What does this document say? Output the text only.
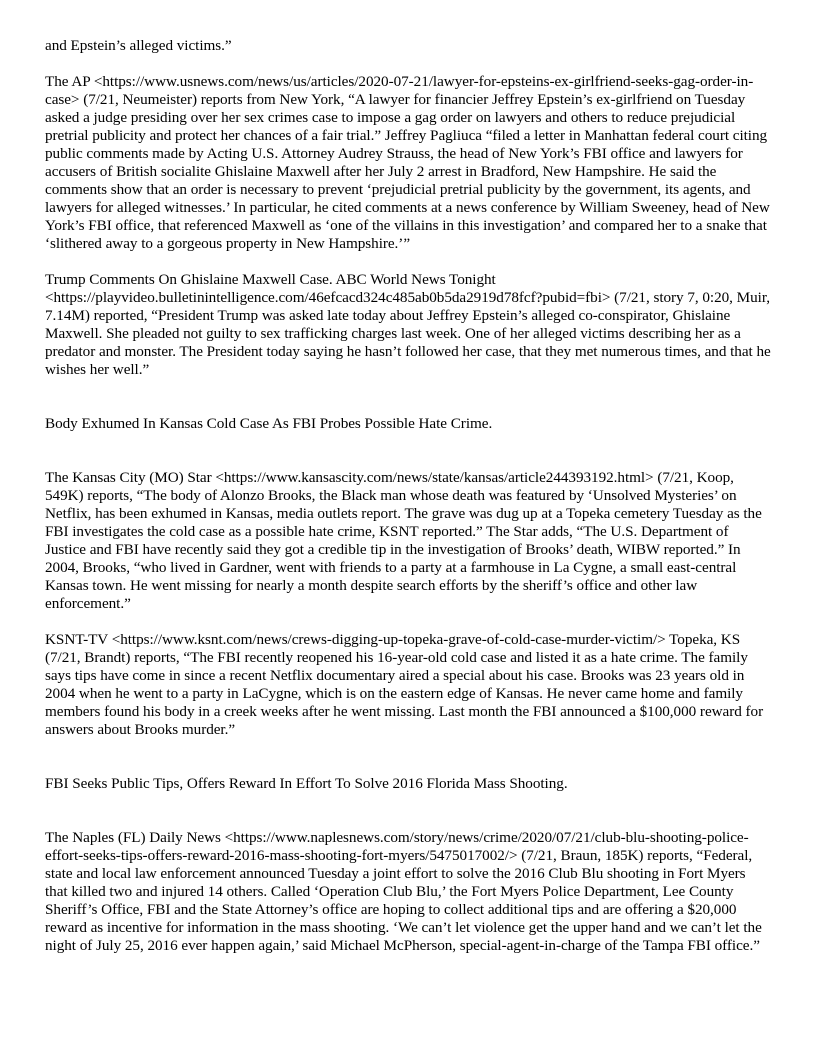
and Epstein’s alleged victims.”

The AP <https://www.usnews.com/news/us/articles/2020-07-21/lawyer-for-epsteins-ex-girlfriend-seeks-gag-order-in-case> (7/21, Neumeister) reports from New York, “A lawyer for financier Jeffrey Epstein’s ex-girlfriend on Tuesday asked a judge presiding over her sex crimes case to impose a gag order on lawyers and others to reduce prejudicial pretrial publicity and protect her chances of a fair trial.” Jeffrey Pagliuca “filed a letter in Manhattan federal court citing public comments made by Acting U.S. Attorney Audrey Strauss, the head of New York’s FBI office and lawyers for accusers of British socialite Ghislaine Maxwell after her July 2 arrest in Bradford, New Hampshire. He said the comments show that an order is necessary to prevent ‘prejudicial pretrial publicity by the government, its agents, and lawyers for alleged witnesses.’ In particular, he cited comments at a news conference by William Sweeney, head of New York’s FBI office, that referenced Maxwell as ‘one of the villains in this investigation’ and compared her to a snake that ‘slithered away to a gorgeous property in New Hampshire.’”

Trump Comments On Ghislaine Maxwell Case. ABC World News Tonight <https://playvideo.bulletinintelligence.com/46efcacd324c485ab0b5da2919d78fcf?pubid=fbi> (7/21, story 7, 0:20, Muir, 7.14M) reported, “President Trump was asked late today about Jeffrey Epstein’s alleged co-conspirator, Ghislaine Maxwell. She pleaded not guilty to sex trafficking charges last week. One of her alleged victims describing her as a predator and monster. The President today saying he hasn’t followed her case, that they met numerous times, and that he wishes her well.”

Body Exhumed In Kansas Cold Case As FBI Probes Possible Hate Crime.

The Kansas City (MO) Star <https://www.kansascity.com/news/state/kansas/article244393192.html> (7/21, Koop, 549K) reports, “The body of Alonzo Brooks, the Black man whose death was featured by ‘Unsolved Mysteries’ on Netflix, has been exhumed in Kansas, media outlets report. The grave was dug up at a Topeka cemetery Tuesday as the FBI investigates the cold case as a possible hate crime, KSNT reported.” The Star adds, “The U.S. Department of Justice and FBI have recently said they got a credible tip in the investigation of Brooks’ death, WIBW reported.” In 2004, Brooks, “who lived in Gardner, went with friends to a party at a farmhouse in La Cygne, a small east-central Kansas town. He went missing for nearly a month despite search efforts by the sheriff’s office and other law enforcement.”

KSNT-TV <https://www.ksnt.com/news/crews-digging-up-topeka-grave-of-cold-case-murder-victim/> Topeka, KS (7/21, Brandt) reports, “The FBI recently reopened his 16-year-old cold case and listed it as a hate crime. The family says tips have come in since a recent Netflix documentary aired a special about his case. Brooks was 23 years old in 2004 when he went to a party in LaCygne, which is on the eastern edge of Kansas. He never came home and family members found his body in a creek weeks after he went missing. Last month the FBI announced a $100,000 reward for answers about Brooks murder.”

FBI Seeks Public Tips, Offers Reward In Effort To Solve 2016 Florida Mass Shooting.

The Naples (FL) Daily News <https://www.naplesnews.com/story/news/crime/2020/07/21/club-blu-shooting-police-effort-seeks-tips-offers-reward-2016-mass-shooting-fort-myers/5475017002/> (7/21, Braun, 185K) reports, “Federal, state and local law enforcement announced Tuesday a joint effort to solve the 2016 Club Blu shooting in Fort Myers that killed two and injured 14 others. Called ‘Operation Club Blu,’ the Fort Myers Police Department, Lee County Sheriff’s Office, FBI and the State Attorney’s office are hoping to collect additional tips and are offering a $20,000 reward as incentive for information in the mass shooting. ‘We can’t let violence get the upper hand and we can’t let the night of July 25, 2016 ever happen again,’ said Michael McPherson, special-agent-in-charge of the Tampa FBI office.”
